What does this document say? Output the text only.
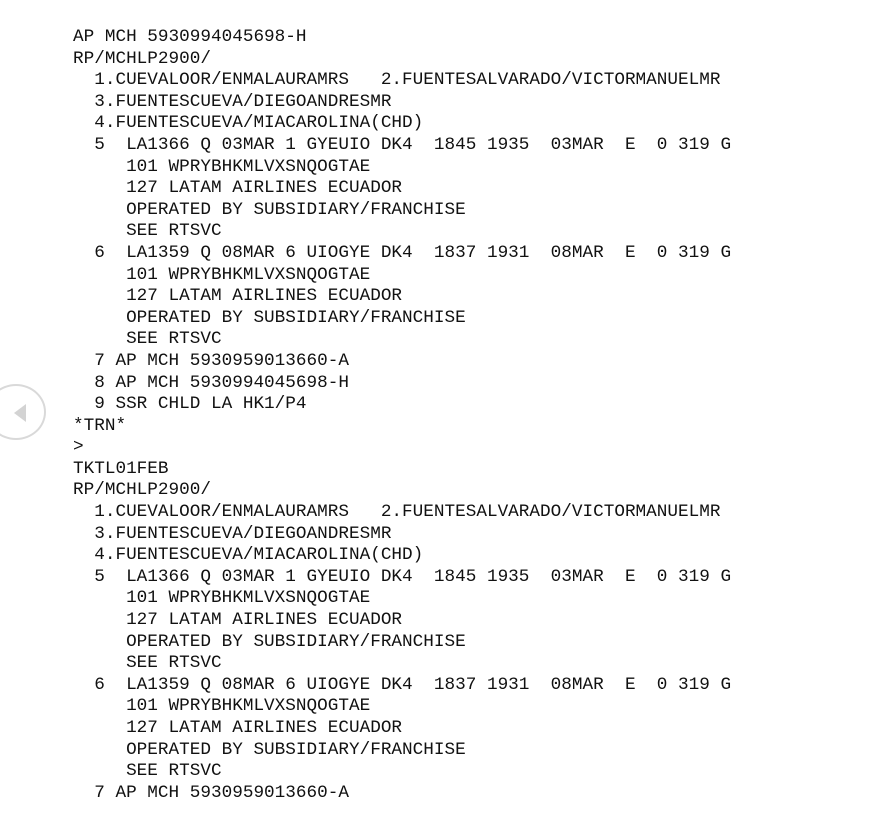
AP MCH 5930994045698-H
RP/MCHLP2900/
1.CUEVALOOR/ENMALAURAMRS   2.FUENTESALVARADO/VICTORMANUELMR
3.FUENTESCUEVA/DIEGOANDRESMR
4.FUENTESCUEVA/MIACAROLINA(CHD)
5  LA1366 Q 03MAR 1 GYEUIO DK4  1845 1935  03MAR  E  0 319 G
101 WPRYBHKMLVXSNQOGTAE
127 LATAM AIRLINES ECUADOR
OPERATED BY SUBSIDIARY/FRANCHISE
SEE RTSVC
6  LA1359 Q 08MAR 6 UIOGYE DK4  1837 1931  08MAR  E  0 319 G
101 WPRYBHKMLVXSNQOGTAE
127 LATAM AIRLINES ECUADOR
OPERATED BY SUBSIDIARY/FRANCHISE
SEE RTSVC
7 AP MCH 5930959013660-A
8 AP MCH 5930994045698-H
9 SSR CHLD LA HK1/P4
*TRN*
>
TKTL01FEB
RP/MCHLP2900/
1.CUEVALOOR/ENMALAURAMRS   2.FUENTESALVARADO/VICTORMANUELMR
3.FUENTESCUEVA/DIEGOANDRESMR
4.FUENTESCUEVA/MIACAROLINA(CHD)
5  LA1366 Q 03MAR 1 GYEUIO DK4  1845 1935  03MAR  E  0 319 G
101 WPRYBHKMLVXSNQOGTAE
127 LATAM AIRLINES ECUADOR
OPERATED BY SUBSIDIARY/FRANCHISE
SEE RTSVC
6  LA1359 Q 08MAR 6 UIOGYE DK4  1837 1931  08MAR  E  0 319 G
101 WPRYBHKMLVXSNQOGTAE
127 LATAM AIRLINES ECUADOR
OPERATED BY SUBSIDIARY/FRANCHISE
SEE RTSVC
7 AP MCH 5930959013660-A
